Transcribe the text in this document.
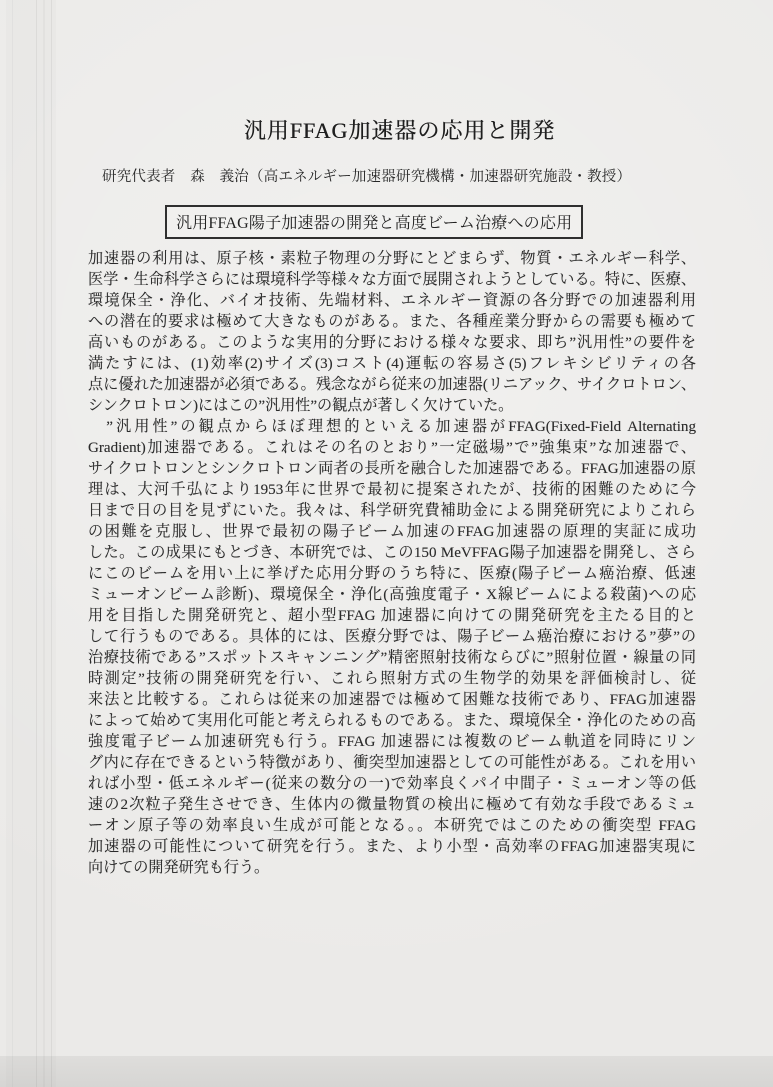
汎用FFAG加速器の応用と開発
研究代表者　森　義治（高エネルギー加速器研究機構・加速器研究施設・教授）
汎用FFAG陽子加速器の開発と高度ビーム治療への応用
加速器の利用は、原子核・素粒子物理の分野にとどまらず、物質・エネルギー科学、
医学・生命科学さらには環境科学等様々な方面で展開されようとしている。特に、医療、
環境保全・浄化、バイオ技術、先端材料、エネルギー資源の各分野での加速器利用
への潜在的要求は極めて大きなものがある。また、各種産業分野からの需要も極めて
高いものがある。このような実用的分野における様々な要求、即ち”汎用性”の要件を
満たすには、(1)効率(2)サイズ(3)コスト(4)運転の容易さ(5)フレキシビリティの各
点に優れた加速器が必須である。残念ながら従来の加速器(リニアック、サイクロトロン、
シンクロトロン)にはこの”汎用性”の観点が著しく欠けていた。
　”汎用性”の観点からほぼ理想的といえる加速器がFFAG(Fixed-Field Alternating
Gradient)加速器である。これはその名のとおり”一定磁場”で”強集束”な加速器で、
サイクロトロンとシンクロトロン両者の長所を融合した加速器である。FFAG加速器の原
理は、大河千弘により1953年に世界で最初に提案されたが、技術的困難のために今
日まで日の目を見ずにいた。我々は、科学研究費補助金による開発研究によりこれら
の困難を克服し、世界で最初の陽子ビーム加速のFFAG加速器の原理的実証に成功
した。この成果にもとづき、本研究では、この150 MeVFFAG陽子加速器を開発し、さら
にこのビームを用い上に挙げた応用分野のうち特に、医療(陽子ビーム癌治療、低速
ミューオンビーム診断)、環境保全・浄化(高強度電子・X線ビームによる殺菌)への応
用を目指した開発研究と、超小型FFAG 加速器に向けての開発研究を主たる目的と
して行うものである。具体的には、医療分野では、陽子ビーム癌治療における”夢”の
治療技術である”スポットスキャンニング”精密照射技術ならびに”照射位置・線量の同
時測定”技術の開発研究を行い、これら照射方式の生物学的効果を評価検討し、従
来法と比較する。これらは従来の加速器では極めて困難な技術であり、FFAG加速器
によって始めて実用化可能と考えられるものである。また、環境保全・浄化のための高
強度電子ビーム加速研究も行う。FFAG 加速器には複数のビーム軌道を同時にリン
グ内に存在できるという特徴があり、衝突型加速器としての可能性がある。これを用い
れば小型・低エネルギー(従来の数分の一)で効率良くパイ中間子・ミューオン等の低
速の2次粒子発生させでき、生体内の微量物質の検出に極めて有効な手段であるミュ
ーオン原子等の効率良い生成が可能となる。。本研究ではこのための衝突型 FFAG
加速器の可能性について研究を行う。また、より小型・高効率のFFAG加速器実現に
向けての開発研究も行う。
